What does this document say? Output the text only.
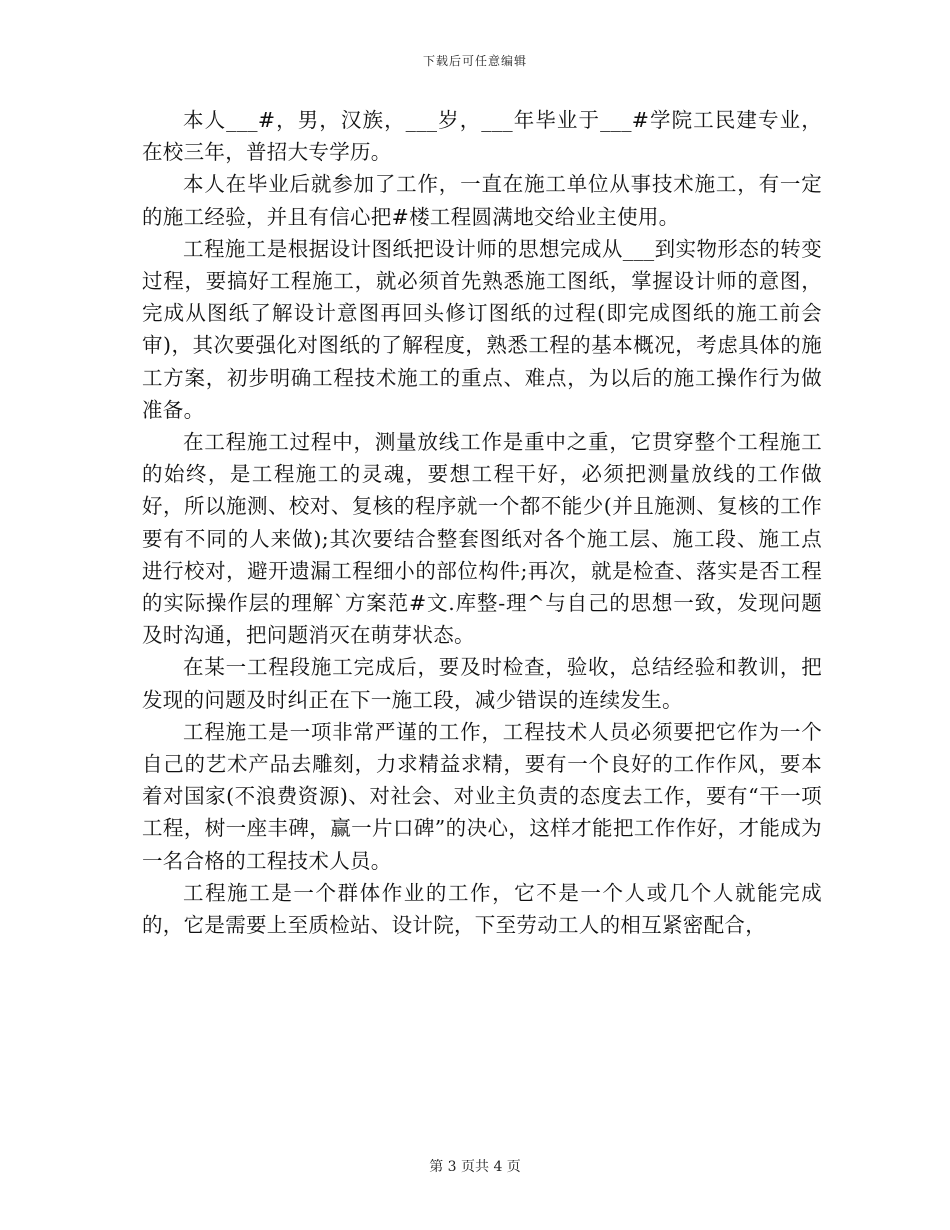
下载后可任意编辑

本人___#，男，汉族，___岁，___年毕业于___#学院工民建专业，在校三年，普招大专学历。

本人在毕业后就参加了工作，一直在施工单位从事技术施工，有一定的施工经验，并且有信心把#楼工程圆满地交给业主使用。

工程施工是根据设计图纸把设计师的思想完成从___到实物形态的转变过程，要搞好工程施工，就必须首先熟悉施工图纸，掌握设计师的意图，完成从图纸了解设计意图再回头修订图纸的过程(即完成图纸的施工前会审)，其次要强化对图纸的了解程度，熟悉工程的基本概况，考虑具体的施工方案，初步明确工程技术施工的重点、难点，为以后的施工操作行为做准备。

在工程施工过程中，测量放线工作是重中之重，它贯穿整个工程施工的始终，是工程施工的灵魂，要想工程干好，必须把测量放线的工作做好，所以施测、校对、复核的程序就一个都不能少(并且施测、复核的工作要有不同的人来做);其次要结合整套图纸对各个施工层、施工段、施工点进行校对，避开遗漏工程细小的部位构件;再次，就是检查、落实是否工程的实际操作层的理解`方案范#文.库整-理^与自己的思想一致，发现问题及时沟通，把问题消灭在萌芽状态。

在某一工程段施工完成后，要及时检查，验收，总结经验和教训，把发现的问题及时纠正在下一施工段，减少错误的连续发生。

工程施工是一项非常严谨的工作，工程技术人员必须要把它作为一个自己的艺术产品去雕刻，力求精益求精，要有一个良好的工作作风，要本着对国家(不浪费资源)、对社会、对业主负责的态度去工作，要有“干一项工程，树一座丰碑，赢一片口碑”的决心，这样才能把工作作好，才能成为一名合格的工程技术人员。

工程施工是一个群体作业的工作，它不是一个人或几个人就能完成的，它是需要上至质检站、设计院，下至劳动工人的相互紧密配合，

第 3 页共 4 页
